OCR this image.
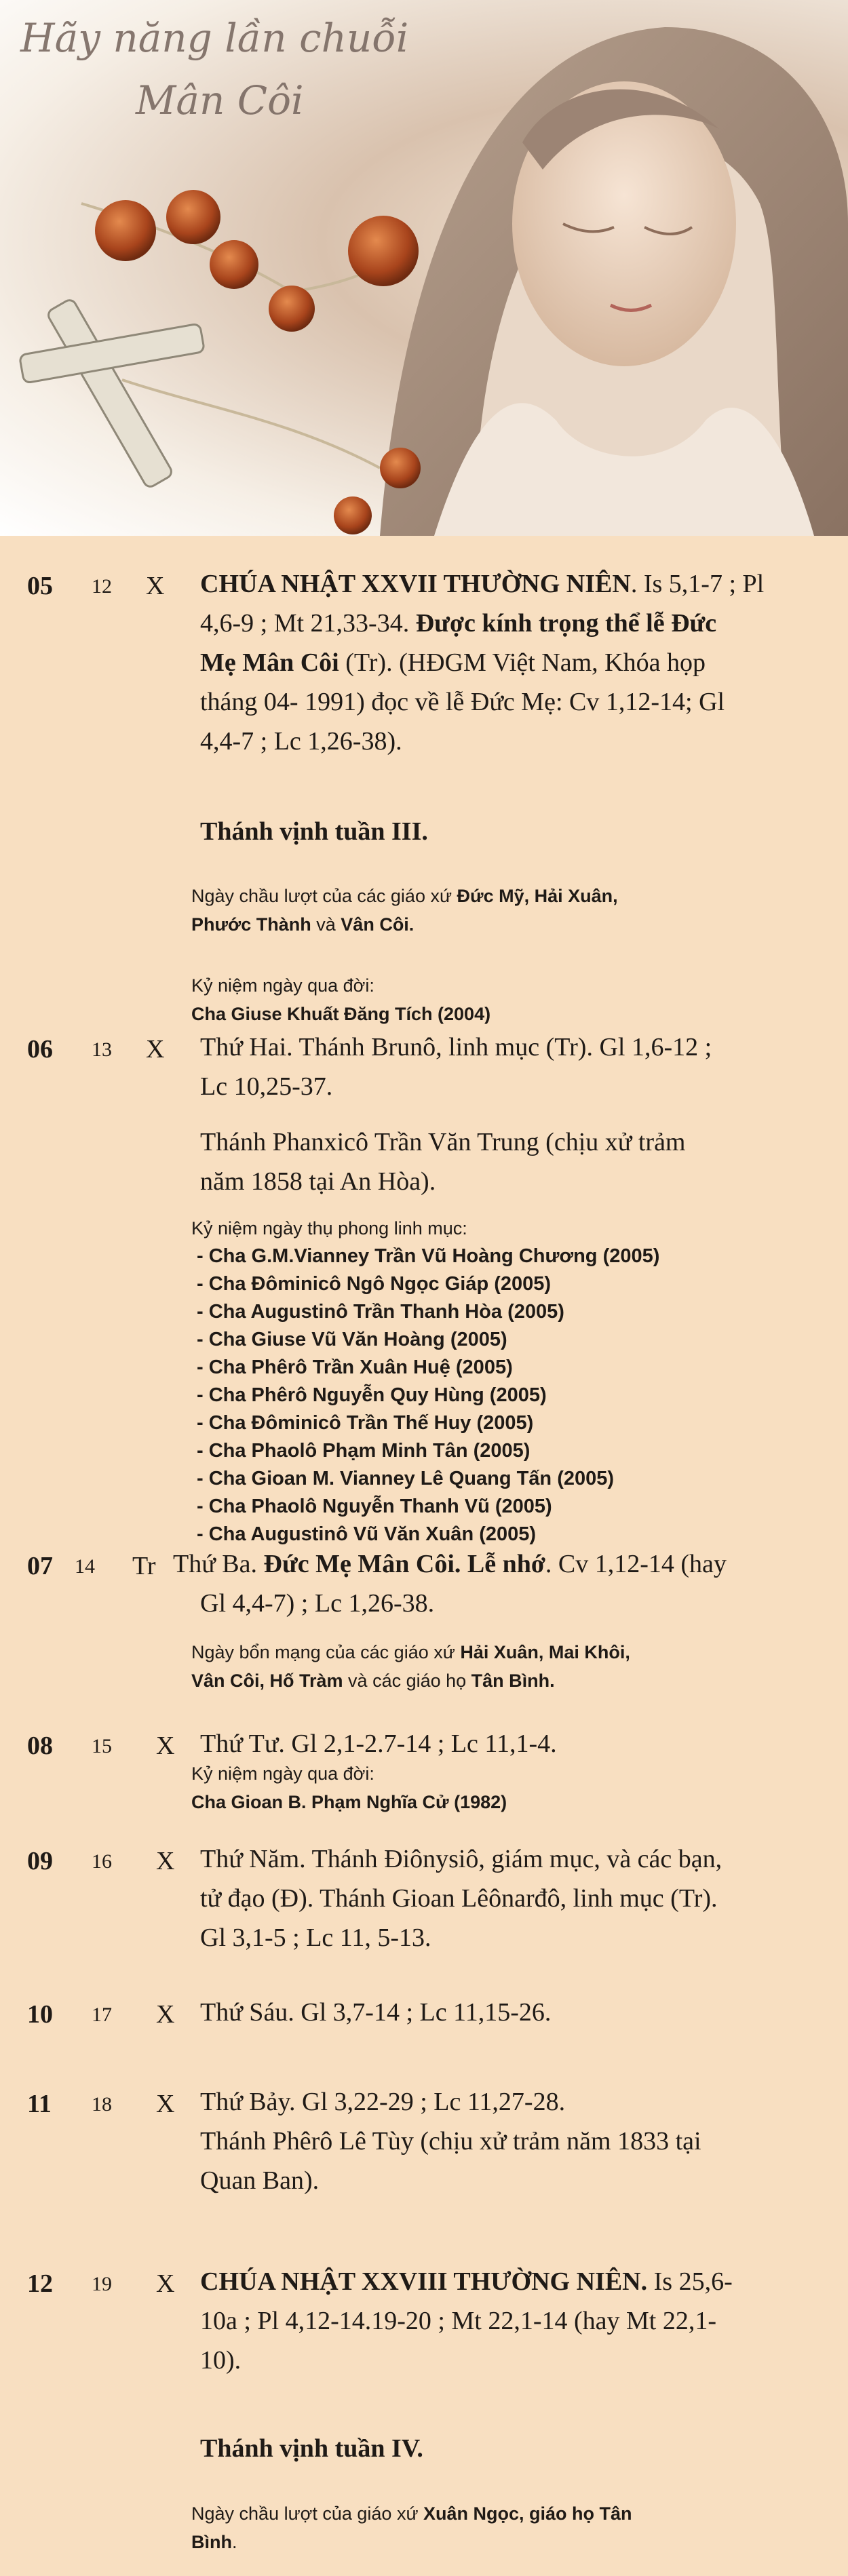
Hãy năng lần chuỗi
Mân Côi
05 12 X CHÚA NHẬT XXVII THƯỜNG NIÊN. Is 5,1-7 ; Pl

4,6-9 ; Mt 21,33-34. Được kính trọng thể lễ Đức

Mẹ Mân Côi (Tr). (HĐGM Việt Nam, Khóa họp

tháng 04- 1991) đọc về lễ Đức Mẹ: Cv 1,12-14; Gl

4,4-7 ; Lc 1,26-38).

Thánh vịnh tuần III.
Ngày chầu lượt của các giáo xứ Đức Mỹ, Hải Xuân,
Phước Thành và Vân Côi.
Kỷ niệm ngày qua đời:
Cha Giuse Khuất Đăng Tích (2004)
06 13 X Thứ Hai. Thánh Brunô, linh mục (Tr). Gl 1,6-12 ;

Lc 10,25-37.

Thánh Phanxicô Trần Văn Trung (chịu xử trảm

năm 1858 tại An Hòa).

Kỷ niệm ngày thụ phong linh mục:
- Cha G.M.Vianney Trần Vũ Hoàng Chương (2005)
- Cha Đôminicô Ngô Ngọc Giáp (2005)
- Cha Augustinô Trần Thanh Hòa (2005)
- Cha Giuse Vũ Văn Hoàng (2005)
- Cha Phêrô Trần Xuân Huệ (2005)
- Cha Phêrô Nguyễn Quy Hùng (2005)
- Cha Đôminicô Trần Thế Huy (2005)
- Cha Phaolô Phạm Minh Tân (2005)
- Cha Gioan M. Vianney Lê Quang Tấn (2005)
- Cha Phaolô Nguyễn Thanh Vũ (2005)
- Cha Augustinô Vũ Văn Xuân (2005)
07 14 Tr Thứ Ba. Đức Mẹ Mân Côi. Lễ nhớ. Cv 1,12-14 (hay

Gl 4,4-7) ; Lc 1,26-38.

Ngày bổn mạng của các giáo xứ Hải Xuân, Mai Khôi,
Vân Côi, Hố Tràm và các giáo họ Tân Bình.
08 15 X Thứ Tư. Gl 2,1-2.7-14 ; Lc 11,1-4.

Kỷ niệm ngày qua đời:
Cha Gioan B. Phạm Nghĩa Cử (1982)
09 16 X Thứ Năm. Thánh Điônysiô, giám mục, và các bạn,

tử đạo (Đ). Thánh Gioan Lêônarđô, linh mục (Tr).

Gl 3,1-5 ; Lc 11, 5-13.

10 17 X Thứ Sáu. Gl 3,7-14 ; Lc 11,15-26.

11 18 X Thứ Bảy. Gl 3,22-29 ; Lc 11,27-28.

Thánh Phêrô Lê Tùy (chịu xử trảm năm 1833 tại

Quan Ban).

12 19 X CHÚA NHẬT XXVIII THƯỜNG NIÊN. Is 25,6-

10a ; Pl 4,12-14.19-20 ; Mt 22,1-14 (hay Mt 22,1-

10).

Thánh vịnh tuần IV.
Ngày chầu lượt của giáo xứ Xuân Ngọc, giáo họ Tân
Bình.
